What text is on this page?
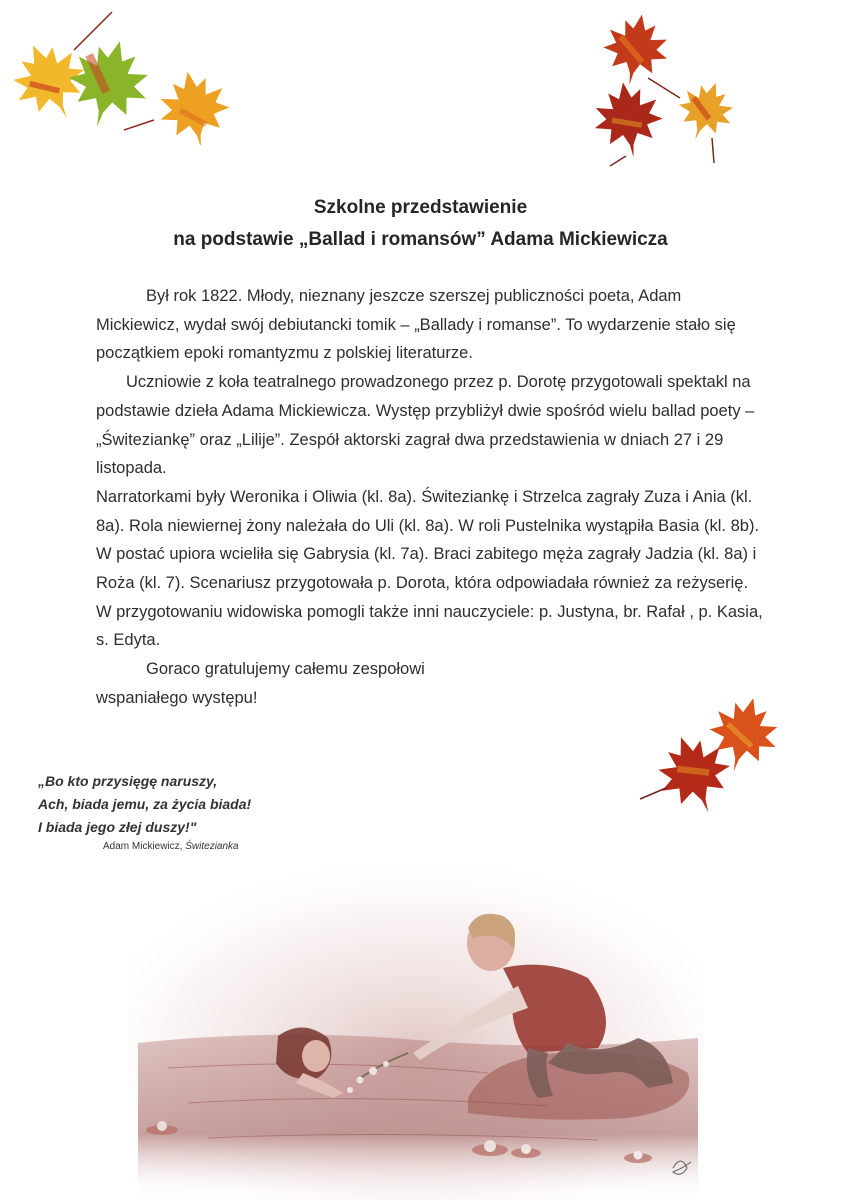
Szkolne przedstawienie
na podstawie „Ballad i romansów” Adama Mickiewicza

Był rok 1822. Młody, nieznany jeszcze szerszej publiczności poeta, Adam Mickiewicz, wydał swój debiutancki tomik – „Ballady i romanse”. To wydarzenie stało się początkiem epoki romantyzmu z polskiej literaturze.

Uczniowie z koła teatralnego prowadzonego przez p. Dorotę przygotowali spektakl na podstawie dzieła Adama Mickiewicza. Występ przybliżył dwie spośród wielu ballad poety – „Świteziankę” oraz „Lilije”. Zespół aktorski zagrał dwa przedstawienia w dniach 27 i 29 listopada.

Narratorkami były Weronika i Oliwia (kl. 8a). Świteziankę i Strzelca zagrały Zuza i Ania (kl. 8a). Rola niewiernej żony należała do Uli (kl. 8a). W roli Pustelnika wystąpiła Basia (kl. 8b). W postać upiora wcieliła się Gabrysia (kl. 7a). Braci zabitego męża zagrały Jadzia (kl. 8a) i Roża (kl. 7). Scenariusz przygotowała p. Dorota, która odpowiadała również za reżyserię.

W przygotowaniu widowiska pomogli także inni nauczyciele: p. Justyna, br. Rafał , p. Kasia, s. Edyta.

Goraco gratulujemy całemu zespołowi

wspaniałego występu!

„Bo kto przysięgę naruszy,

Ach, biada jemu, za życia biada!

I biada jego złej duszy!"

Adam Mickiewicz, Świtezianka
